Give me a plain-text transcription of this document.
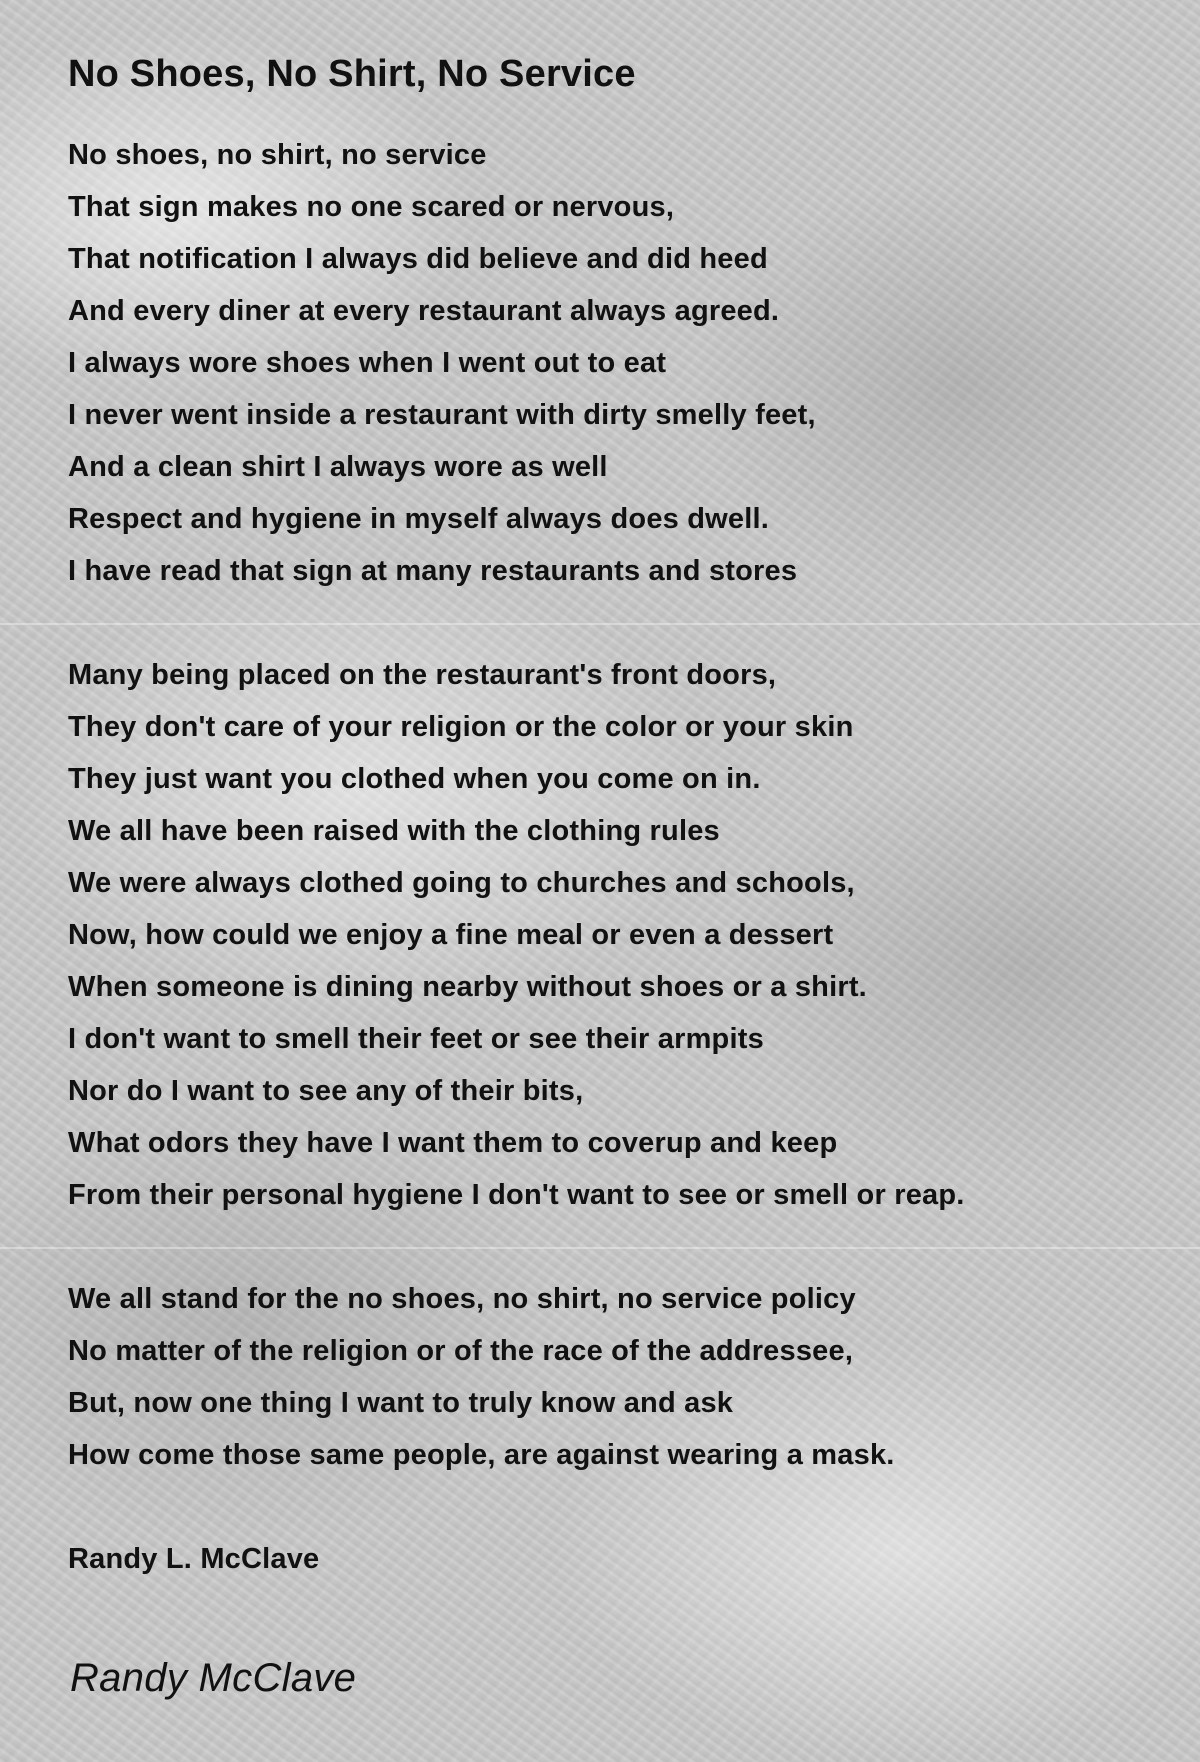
No Shoes, No Shirt, No Service
No shoes, no shirt, no service
That sign makes no one scared or nervous,
That notification I always did believe and did heed
And every diner at every restaurant always agreed.
I always wore shoes when I went out to eat
I never went inside a restaurant with dirty smelly feet,
And a clean shirt I always wore as well
Respect and hygiene in myself always does dwell.
I have read that sign at many restaurants and stores
Many being placed on the restaurant's front doors,
They don't care of your religion or the color or your skin
They just want you clothed when you come on in.
We all have been raised with the clothing rules
We were always clothed going to churches and schools,
Now, how could we enjoy a fine meal or even a dessert
When someone is dining nearby without shoes or a shirt.
I don't want to smell their feet or see their armpits
Nor do I want to see any of their bits,
What odors they have I want them to coverup and keep
From their personal hygiene I don't want to see or smell or reap.
We all stand for the no shoes, no shirt, no service policy
No matter of the religion or of the race of the addressee,
But, now one thing I want to truly know and ask
How come those same people, are against wearing a mask.
Randy L. McClave
Randy McClave
